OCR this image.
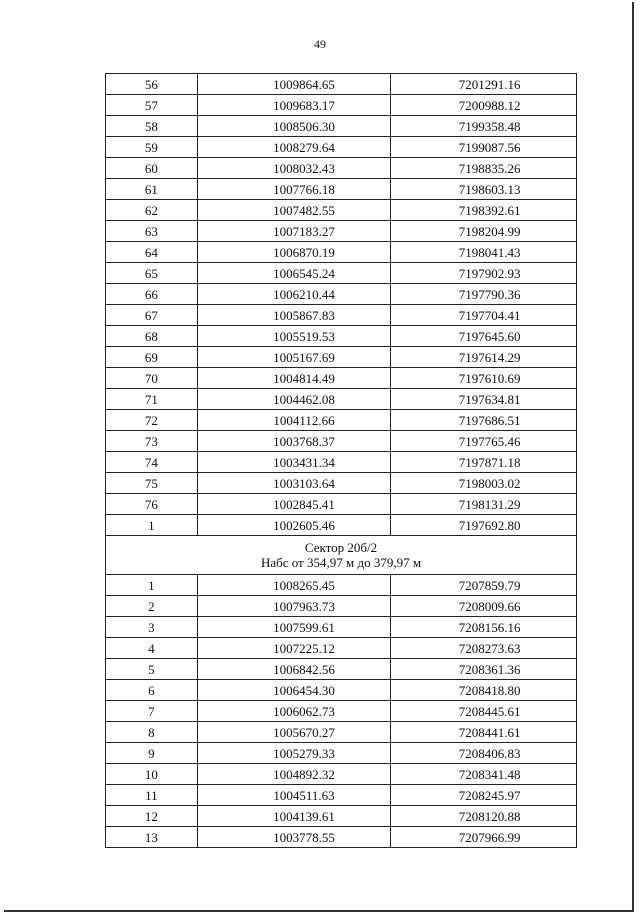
49
56	1009864.65	7201291.16
57	1009683.17	7200988.12
58	1008506.30	7199358.48
59	1008279.64	7199087.56
60	1008032.43	7198835.26
61	1007766.18	7198603.13
62	1007482.55	7198392.61
63	1007183.27	7198204.99
64	1006870.19	7198041.43
65	1006545.24	7197902.93
66	1006210.44	7197790.36
67	1005867.83	7197704.41
68	1005519.53	7197645.60
69	1005167.69	7197614.29
70	1004814.49	7197610.69
71	1004462.08	7197634.81
72	1004112.66	7197686.51
73	1003768.37	7197765.46
74	1003431.34	7197871.18
75	1003103.64	7198003.02
76	1002845.41	7198131.29
1	1002605.46	7197692.80

Сектор 20б/2
Набс от 354,97 м до 379,97 м		

1	1008265.45	7207859.79
2	1007963.73	7208009.66
3	1007599.61	7208156.16
4	1007225.12	7208273.63
5	1006842.56	7208361.36
6	1006454.30	7208418.80
7	1006062.73	7208445.61
8	1005670.27	7208441.61
9	1005279.33	7208406.83
10	1004892.32	7208341.48
11	1004511.63	7208245.97
12	1004139.61	7208120.88
13	1003778.55	7207966.99
